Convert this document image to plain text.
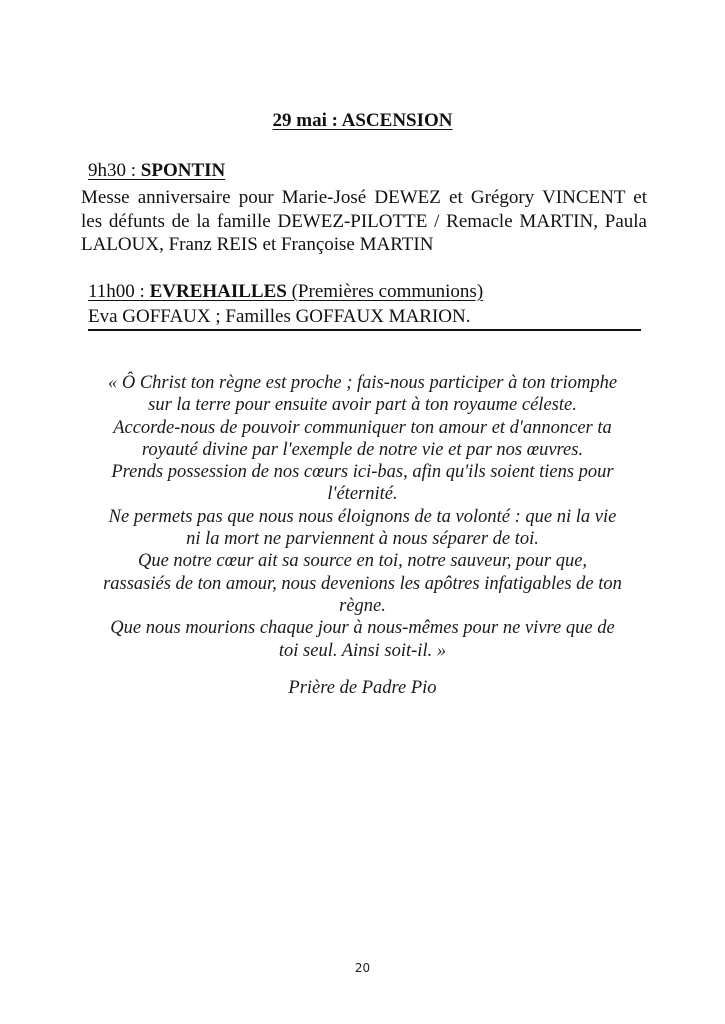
29 mai : ASCENSION
9h30 : SPONTIN
Messe anniversaire pour Marie-José DEWEZ et Grégory VINCENT et
les défunts de la famille DEWEZ-PILOTTE / Remacle MARTIN, Paula
LALOUX, Franz REIS et Françoise MARTIN
11h00 : EVREHAILLES (Premières communions)
Eva GOFFAUX ; Familles GOFFAUX MARION.
« Ô Christ ton règne est proche ; fais-nous participer à ton triomphe
sur la terre pour ensuite avoir part à ton royaume céleste.
Accorde-nous de pouvoir communiquer ton amour et d'annoncer ta
royauté divine par l'exemple de notre vie et par nos œuvres.
Prends possession de nos cœurs ici-bas, afin qu'ils soient tiens pour
l'éternité.
Ne permets pas que nous nous éloignons de ta volonté : que ni la vie
ni la mort ne parviennent à nous séparer de toi.
Que notre cœur ait sa source en toi, notre sauveur, pour que,
rassasiés de ton amour, nous devenions les apôtres infatigables de ton
règne.
Que nous mourions chaque jour à nous-mêmes pour ne vivre que de
toi seul. Ainsi soit-il. »
Prière de Padre Pio
20
